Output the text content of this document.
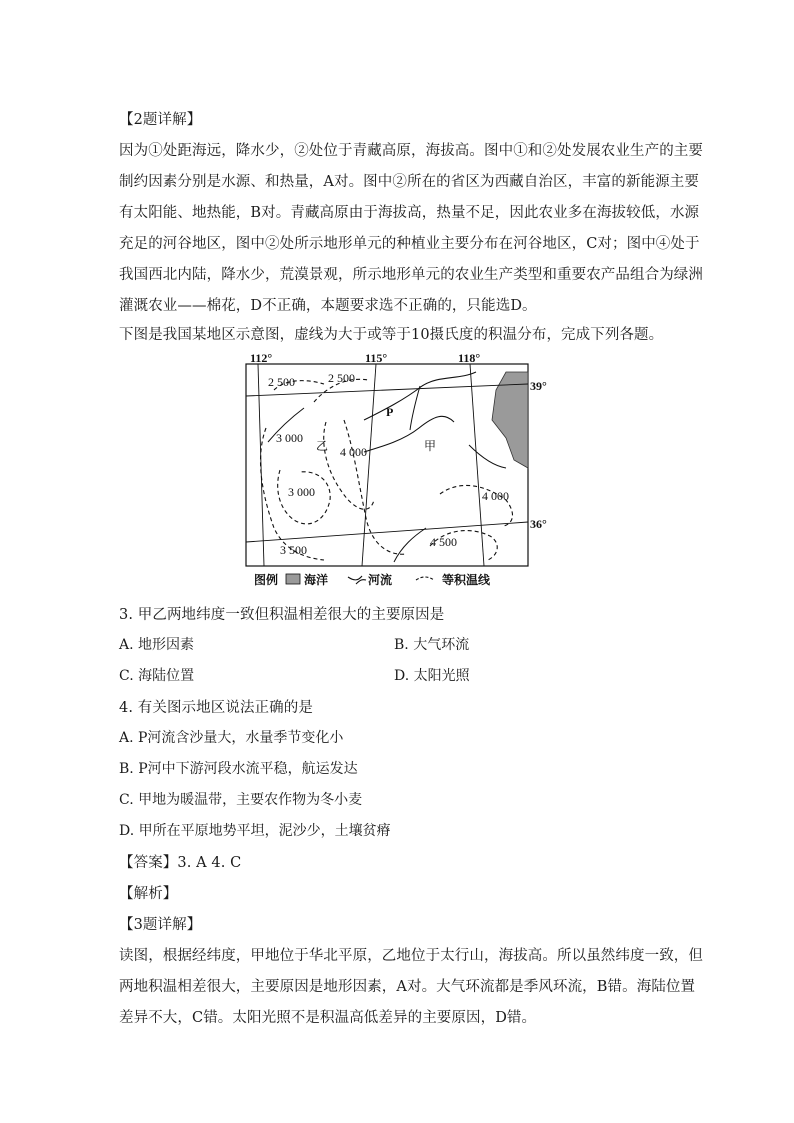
【2题详解】
因为①处距海远，降水少，②处位于青藏高原，海拔高。图中①和②处发展农业生产的主要
制约因素分别是水源、和热量，A对。图中②所在的省区为西藏自治区，丰富的新能源主要
有太阳能、地热能，B对。青藏高原由于海拔高，热量不足，因此农业多在海拔较低，水源
充足的河谷地区，图中②处所示地形单元的种植业主要分布在河谷地区，C对；图中④处于
我国西北内陆，降水少，荒漠景观，所示地形单元的农业生产类型和重要农产品组合为绿洲
灌溉农业——棉花，D不正确，本题要求选不正确的，只能选D。
下图是我国某地区示意图，虚线为大于或等于10摄氏度的积温分布，完成下列各题。
112°	115°	118°
39°
36°
2 500	2 500
3 000
4 000
3 000	4 000
3 500
4 500
P
乙	甲
图例 海洋	河流	等积温线
3. 甲乙两地纬度一致但积温相差很大的主要原因是
A. 地形因素	B. 大气环流
C. 海陆位置	D. 太阳光照
4. 有关图示地区说法正确的是
A. P河流含沙量大，水量季节变化小
B. P河中下游河段水流平稳，航运发达
C. 甲地为暖温带，主要农作物为冬小麦
D. 甲所在平原地势平坦，泥沙少，土壤贫瘠
【答案】3. A 4. C
【解析】
【3题详解】
读图，根据经纬度，甲地位于华北平原，乙地位于太行山，海拔高。所以虽然纬度一致，但
两地积温相差很大，主要原因是地形因素，A对。大气环流都是季风环流，B错。海陆位置
差异不大，C错。太阳光照不是积温高低差异的主要原因，D错。
